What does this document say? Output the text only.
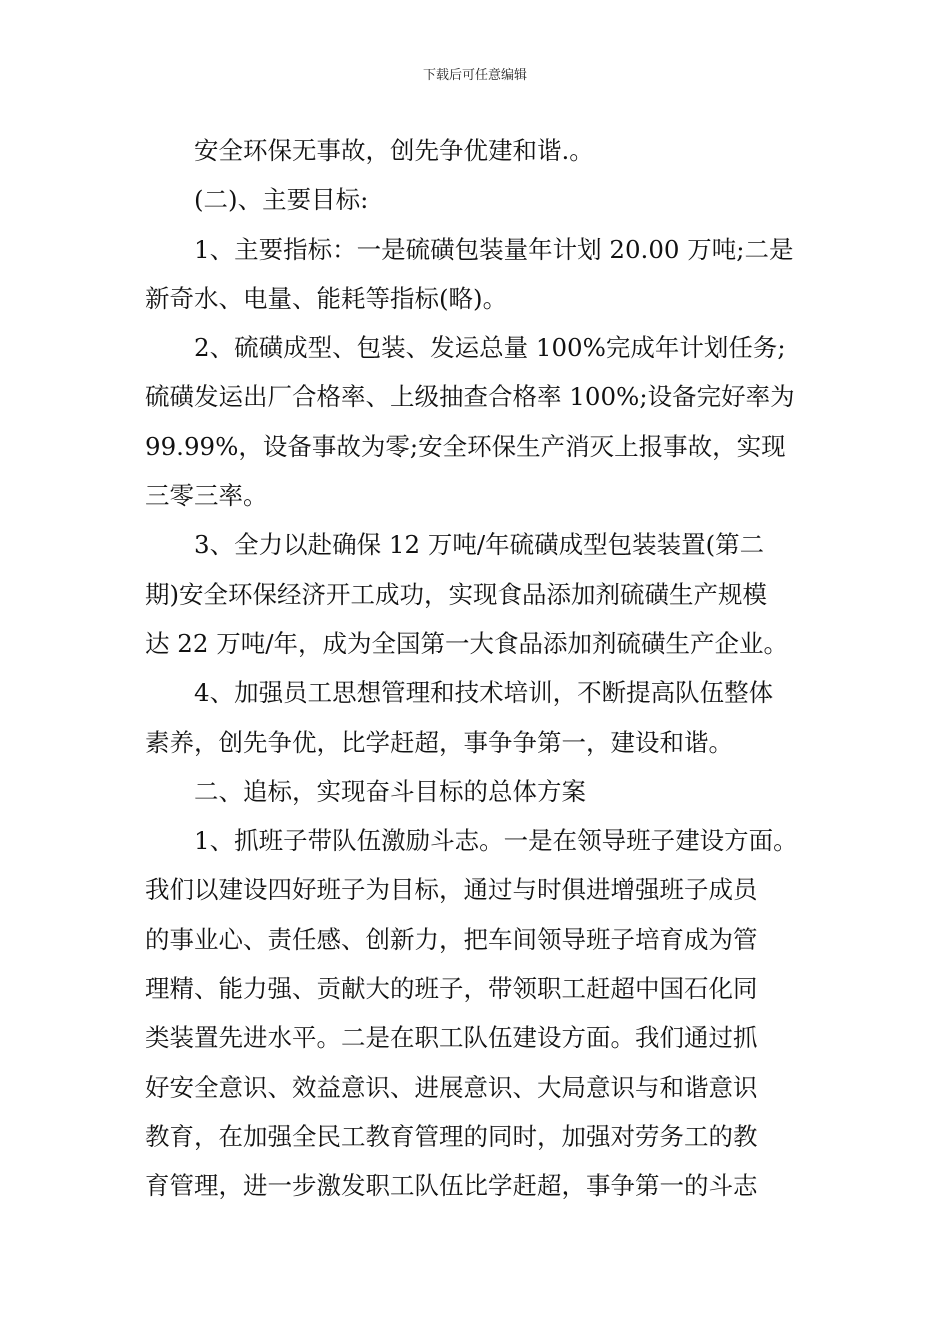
下载后可任意编辑
安全环保无事故，创先争优建和谐.。
(二)、主要目标:
1、主要指标：一是硫磺包装量年计划 20.00 万吨;二是
新奇水、电量、能耗等指标(略)。
2、硫磺成型、包装、发运总量 100%完成年计划任务;
硫磺发运出厂合格率、上级抽查合格率 100%;设备完好率为
99.99%，设备事故为零;安全环保生产消灭上报事故，实现
三零三率。
3、全力以赴确保 12 万吨/年硫磺成型包装装置(第二
期)安全环保经济开工成功，实现食品添加剂硫磺生产规模
达 22 万吨/年，成为全国第一大食品添加剂硫磺生产企业。
4、加强员工思想管理和技术培训，不断提高队伍整体
素养，创先争优，比学赶超，事争争第一，建设和谐。
二、追标，实现奋斗目标的总体方案
1、抓班子带队伍激励斗志。一是在领导班子建设方面。
我们以建设四好班子为目标，通过与时俱进增强班子成员
的事业心、责任感、创新力，把车间领导班子培育成为管
理精、能力强、贡献大的班子，带领职工赶超中国石化同
类装置先进水平。二是在职工队伍建设方面。我们通过抓
好安全意识、效益意识、进展意识、大局意识与和谐意识
教育，在加强全民工教育管理的同时，加强对劳务工的教
育管理，进一步激发职工队伍比学赶超，事争第一的斗志
